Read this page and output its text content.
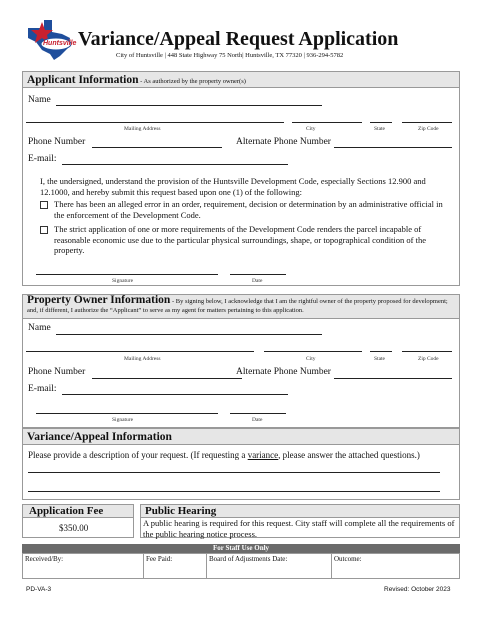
Huntsville Variance/Appeal Request Application
City of Huntsville | 448 State Highway 75 North| Huntsville, TX 77320 | 936-294-5782
Applicant Information - As authorized by the property owner(s)
Name
Mailing Address	City	State	Zip Code
Phone Number	Alternate Phone Number
E-mail:
I, the undersigned, understand the provision of the Huntsville Development Code, especially Sections 12.900 and 12.1000, and hereby submit this request based upon one (1) of the following:
There has been an alleged error in an order, requirement, decision or determination by an administrative official in the enforcement of the Development Code.
The strict application of one or more requirements of the Development Code renders the parcel incapable of reasonable economic use due to the particular physical surroundings, shape, or topographical condition of the property.
Signature	Date
Property Owner Information - By signing below, I acknowledge that I am the rightful owner of the property proposed for development; and, if different, I authorize the “Applicant” to serve as my agent for matters pertaining to this application.
Name
Mailing Address	City	State	Zip Code
Phone Number	Alternate Phone Number
E-mail:
Signature	Date
Variance/Appeal Information
Please provide a description of your request. (If requesting a variance, please answer the attached questions.)
Application Fee
$350.00
Public Hearing
A public hearing is required for this request. City staff will complete all the requirements of the public hearing notice process.
For Staff Use Only
Received/By:	Fee Paid:	Board of Adjustments Date:	Outcome:
PD-VA-3	Revised: October 2023
